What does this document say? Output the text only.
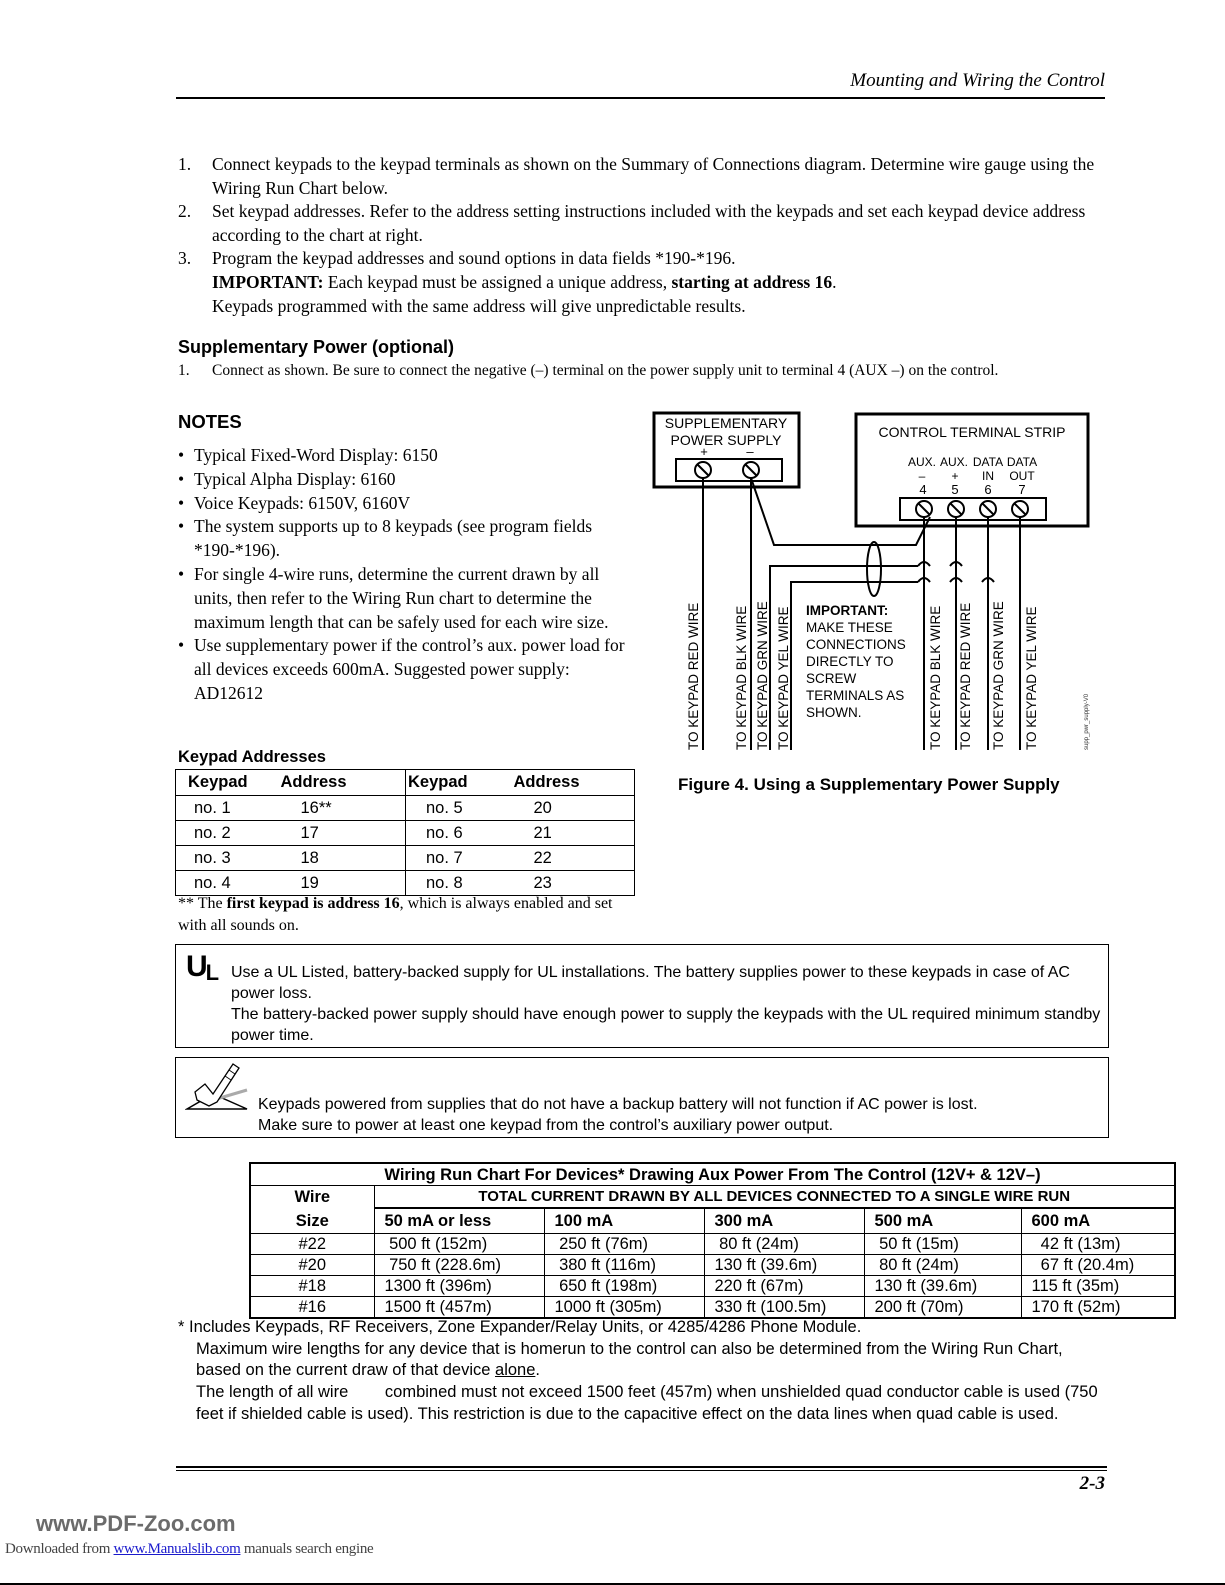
Mounting and Wiring the Control
1.	Connect keypads to the keypad terminals as shown on the Summary of Connections diagram. Determine wire gauge using the Wiring Run Chart below.
2.	Set keypad addresses. Refer to the address setting instructions included with the keypads and set each keypad device address according to the chart at right.
3.	Program the keypad addresses and sound options in data fields *190-*196.
IMPORTANT: Each keypad must be assigned a unique address, starting at address 16.
Keypads programmed with the same address will give unpredictable results.
Supplementary Power (optional)
1.	Connect as shown. Be sure to connect the negative (–) terminal on the power supply unit to terminal 4 (AUX –) on the control.
NOTES
• Typical Fixed-Word Display: 6150
• Typical Alpha Display: 6160
• Voice Keypads: 6150V, 6160V
• The system supports up to 8 keypads (see program fields *190-*196).
• For single 4-wire runs, determine the current drawn by all units, then refer to the Wiring Run chart to determine the maximum length that can be safely used for each wire size.
• Use supplementary power if the control’s aux. power load for all devices exceeds 600mA. Suggested power supply: AD12612
Keypad Addresses
Keypad	Address	Keypad	Address
no. 1	16**	no. 5	20
no. 2	17	no. 6	21
no. 3	18	no. 7	22
no. 4	19	no. 8	23
** The first keypad is address 16, which is always enabled and set with all sounds on.
SUPPLEMENTARY
POWER SUPPLY
+	–
CONTROL TERMINAL STRIP
AUX. AUX. DATA DATA
– + IN OUT
4 5 6 7
TO KEYPAD RED WIRE TO KEYPAD BLK WIRE TO KEYPAD GRN WIRE TO KEYPAD YEL WIRE	TO KEYPAD BLK WIRE TO KEYPAD RED WIRE TO KEYPAD GRN WIRE TO KEYPAD YEL WIRE
IMPORTANT:
MAKE THESE
CONNECTIONS
DIRECTLY TO
SCREW
TERMINALS AS
SHOWN.	supp_pwr_supply-V0
Figure 4. Using a Supplementary Power Supply
UL Use a UL Listed, battery-backed supply for UL installations. The battery supplies power to these keypads in case of AC power loss.
The battery-backed power supply should have enough power to supply the keypads with the UL required minimum standby power time.
Keypads powered from supplies that do not have a backup battery will not function if AC power is lost.
Make sure to power at least one keypad from the control’s auxiliary power output.
Wiring Run Chart For Devices* Drawing Aux Power From The Control (12V+ & 12V–)					
Wire	TOTAL CURRENT DRAWN BY ALL DEVICES CONNECTED TO A SINGLE WIRE RUN				
Size	50 mA or less	100 mA	300 mA	500 mA	600 mA
#22	500 ft (152m)	250 ft (76m)	80 ft (24m)	50 ft (15m)	42 ft (13m)
#20	750 ft (228.6m)	380 ft (116m)	130 ft (39.6m)	80 ft (24m)	67 ft (20.4m)
#18	1300 ft (396m)	650 ft (198m)	220 ft (67m)	130 ft (39.6m)	115 ft (35m)
#16	1500 ft (457m)	1000 ft (305m)	330 ft (100.5m)	200 ft (70m)	170 ft (52m)
* Includes Keypads, RF Receivers, Zone Expander/Relay Units, or 4285/4286 Phone Module.
Maximum wire lengths for any device that is homerun to the control can also be determined from the Wiring Run Chart, based on the current draw of that device alone.
The length of all wire        combined must not exceed 1500 feet (457m) when unshielded quad conductor cable is used (750 feet if shielded cable is used). This restriction is due to the capacitive effect on the data lines when quad cable is used.
2-3
www.PDF-Zoo.com
Downloaded from www.Manualslib.com manuals search engine
